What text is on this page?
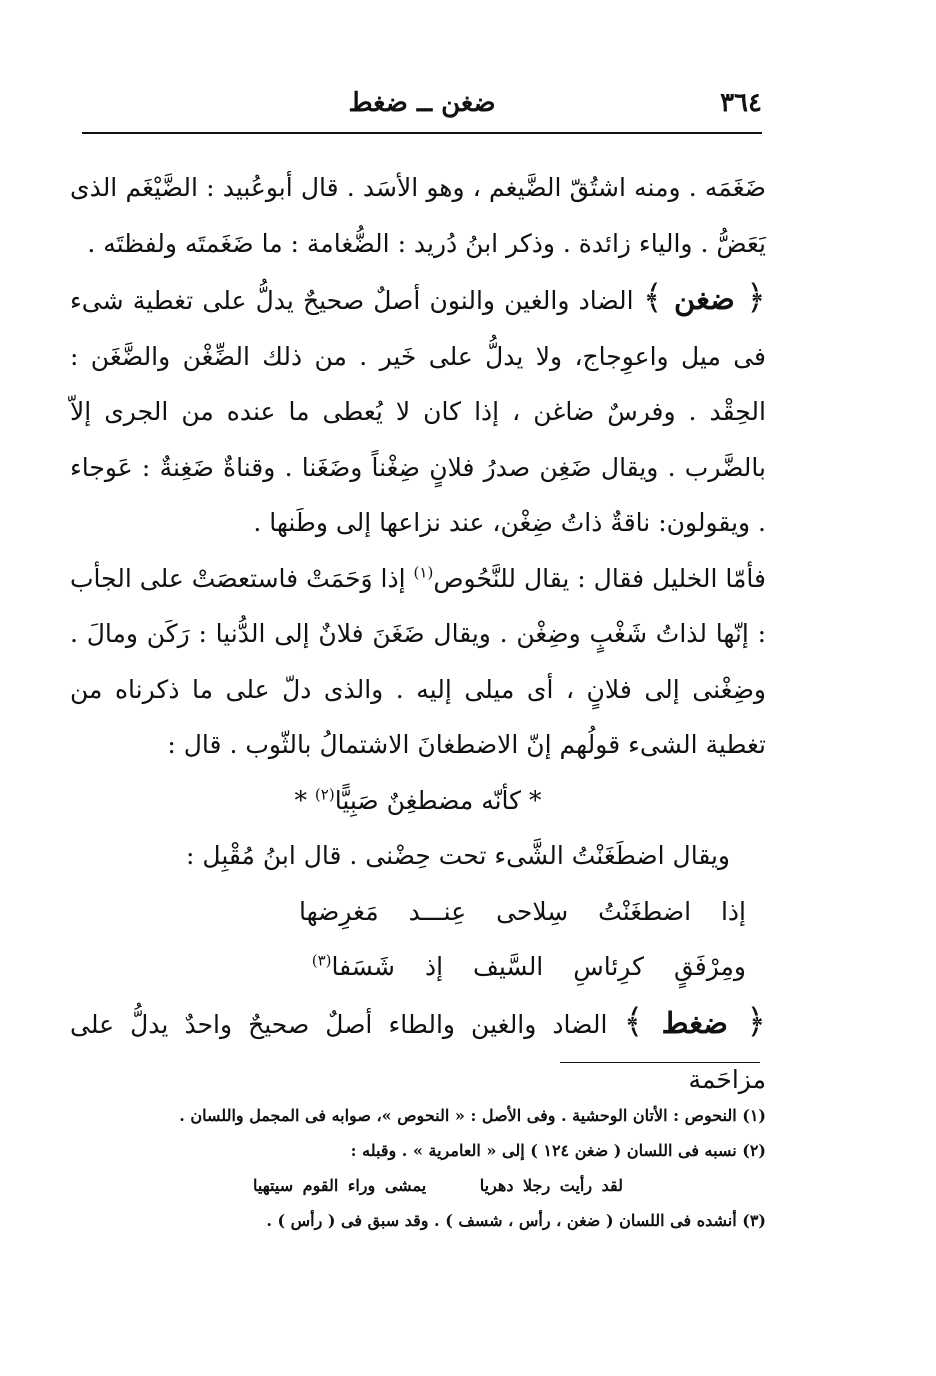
٣٦٤
ضغن ــ ضغط

ضَغَمَه . ومنه اشتُقّ الضَّيغم ، وهو الأسَد . قال أبوعُبيد : الضَّيْغَم الذى يَعَضُّ . والياء زائدة . وذكر ابنُ دُريد : الضُّغامة : ما ضَغَمتَه ولفظتَه .

﴿ ضغن ﴾ الضاد والغين والنون أصلٌ صحيحٌ يدلُّ على تغطية شىء فى ميل واعوِجاج، ولا يدلُّ على خَير . من ذلك الضِّغْن والضَّغَن : الحِقْد . وفرسٌ ضاغن ، إذا كان لا يُعطى ما عنده من الجرى إلاّ بالضَّرب . ويقال ضَغِن صدرُ فلانٍ ضِغْناً وضَغَنا . وقناةٌ ضَغِنةٌ : عَوجاء . ويقولون: ناقةٌ ذاتُ ضِغْن، عند نزاعها إلى وطَنها .

فأمّا الخليل فقال : يقال للنَّحُوص$^{(١)}$ إذا وَحَمَتْ فاستعصَتْ على الجأب : إنّها لذاتُ شَغْبٍ وضِغْن . ويقال ضَغَنَ فلانٌ إلى الدُّنيا : رَكَن ومالَ . وضِغْنى إلى فلانٍ ، أى ميلى إليه . والذى دلّ على ما ذكرناه من تغطية الشىء قولُهم إنّ الاضطغانَ الاشتمالُ بالثّوب . قال :

* كأنّه مضطغِنٌ صَبِيًّا$^{(٢)}$ *

ويقال اضطَغَنْتُ الشَّىء تحت حِضْنى . قال ابنُ مُقْبِل :

إذا اضطغَنْتُ سِلاحى عِنـــد مَغرِضها

ومِرْفَقٍ كرِئاسِ السَّيف إذ شَسَفا$^{(٣)}$

﴿ ضغط ﴾ الضاد والغين والطاء أصلٌ صحيحٌ واحدٌ يدلُّ على مزاحَمة

(١) النحوص : الأتان الوحشية . وفى الأصل : « النحوص »، صوابه فى المجمل واللسان .

(٢) نسبه فى اللسان ( ضغن ١٢٤ ) إلى « العامرية » . وقبله :

لقد رأيت رجلا دهريا يمشى وراء القوم سيتهيا

(٣) أنشده فى اللسان ( ضغن ، رأس ، شسف ) . وقد سبق فى ( رأس ) .
